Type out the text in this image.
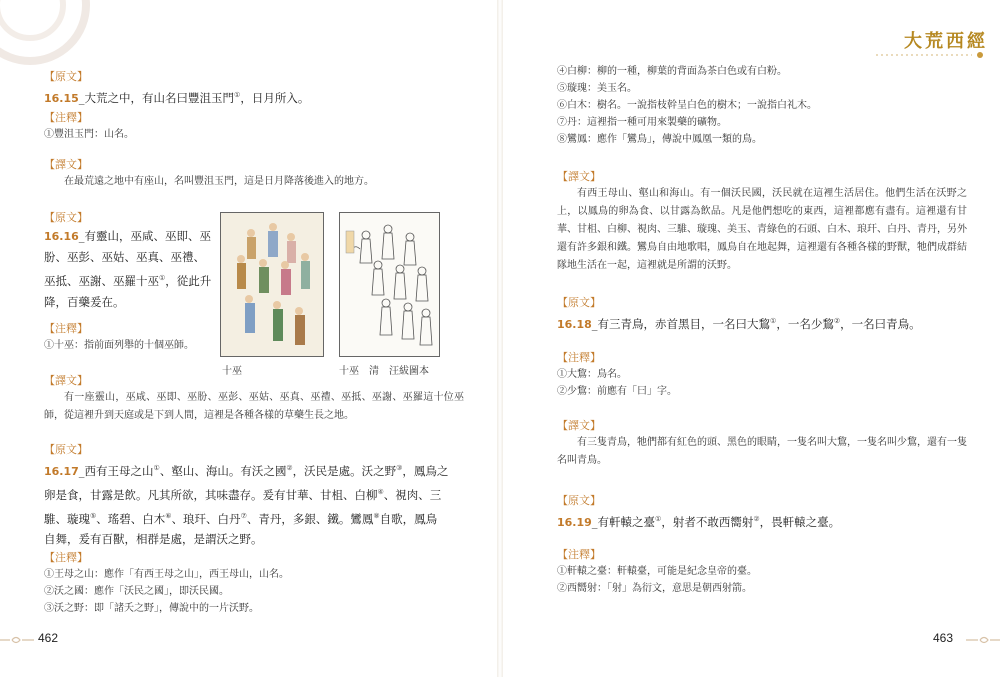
【原文】
16.15_大荒之中，有山名曰豐沮玉門①，日月所入。
【注釋】
①豐沮玉門：山名。
【譯文】
在最荒遠之地中有座山，名叫豐沮玉門，這是日月降落後進入的地方。
【原文】
16.16_有靈山，巫咸、巫即、巫
朌、巫彭、巫姑、巫真、巫禮、
巫抵、巫謝、巫羅十巫①，從此升
降，百藥爰在。
【注釋】
①十巫：指前面列舉的十個巫師。
十巫	十巫　清　汪紱圖本
【譯文】
有一座靈山，巫咸、巫即、巫朌、巫彭、巫姑、巫真、巫禮、巫抵、巫謝、巫羅這十位巫師，從這裡升到天庭或是下到人間，這裡是各種各樣的草藥生長之地。
【原文】
16.17_西有王母之山①、壑山、海山。有沃之國②，沃民是處。沃之野③，鳳鳥之
卵是食，甘露是飲。凡其所欲，其味盡存。爰有甘華、甘柤、白柳④、視肉、三
騅、璇瑰⑤、瑤碧、白木⑥、琅玕、白丹⑦、青丹，多銀、鐵。鸞鳳⑧自歌，鳳鳥
自舞，爰有百獸，相群是處，是謂沃之野。
【注釋】
①王母之山：應作「有西王母之山」，西王母山，山名。
②沃之國：應作「沃民之國」，即沃民國。
③沃之野：即「諸夭之野」，傳說中的一片沃野。
462
大荒西經
④白柳：柳的一種，柳葉的背面為茶白色或有白粉。
⑤璇瑰：美玉名。
⑥白木：樹名。一說指枝幹呈白色的樹木；一說指白礼木。
⑦丹：這裡指一種可用來製藥的礦物。
⑧鸞鳳：應作「鸞鳥」，傳說中鳳凰一類的鳥。
【譯文】
有西王母山、壑山和海山。有一個沃民國，沃民就在這裡生活居住。他們生活在沃野之上，以鳳鳥的卵為食、以甘露為飲品。凡是他們想吃的東西，這裡都應有盡有。這裡還有甘華、甘柤、白柳、視肉、三騅、璇瑰、美玉、青綠色的石頭、白木、琅玕、白丹、青丹，另外還有許多銀和鐵。鸞鳥自由地歌唱，鳳鳥自在地起舞，這裡還有各種各樣的野獸，牠們成群結隊地生活在一起，這裡就是所謂的沃野。
【原文】
16.18_有三青鳥，赤首黑目，一名曰大鵹①，一名少鵹②，一名曰青鳥。
【注釋】
①大鵹：鳥名。
②少鵹：前應有「曰」字。
【譯文】
有三隻青鳥，牠們都有紅色的頭、黑色的眼睛，一隻名叫大鵹，一隻名叫少鵹，還有一隻名叫青鳥。
【原文】
16.19_有軒轅之臺①，射者不敢西嚮射②，畏軒轅之臺。
【注釋】
①軒轅之臺：軒轅臺，可能是紀念皇帝的臺。
②西嚮射：「射」為衍文，意思是朝西射箭。
463
